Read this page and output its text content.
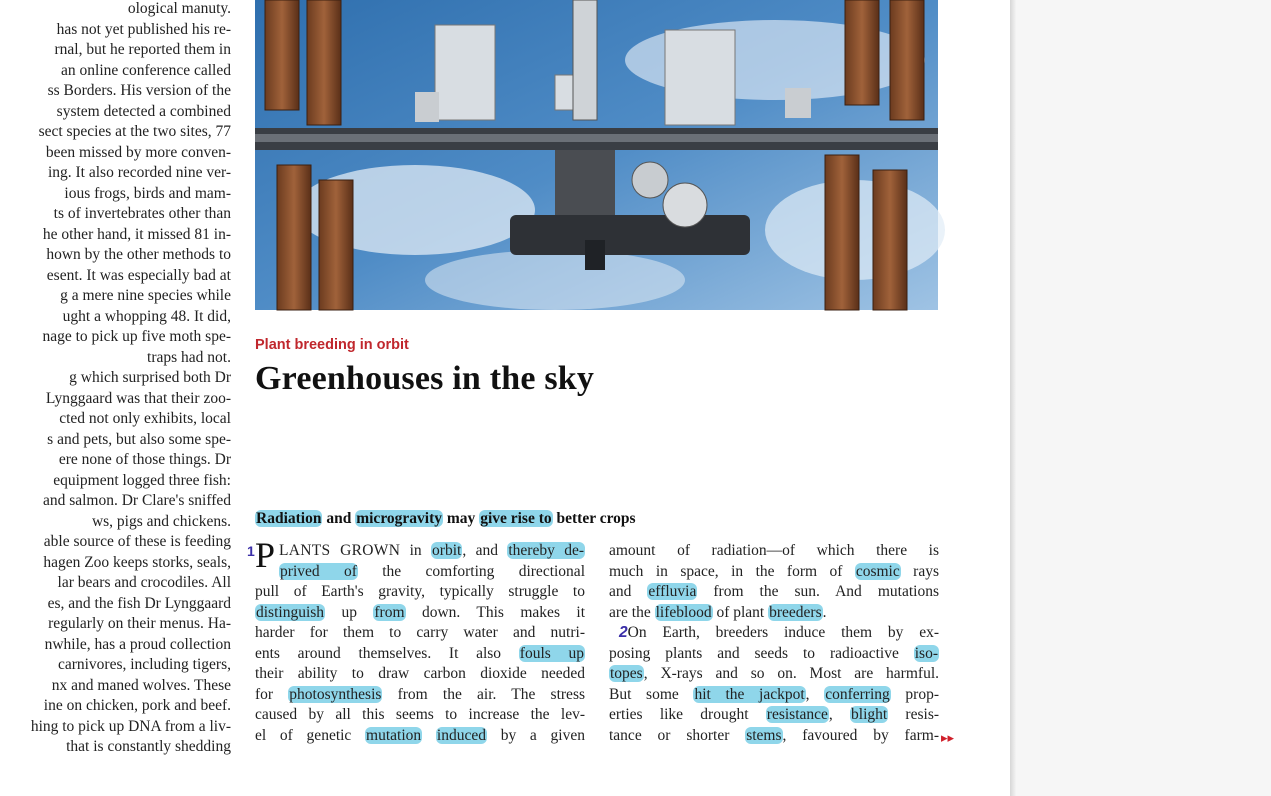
ological manuty.
has not yet published his re-
rnal, but he reported them in
an online conference called
ss Borders. His version of the
system detected a combined
sect species at the two sites, 77
been missed by more conven-
ing. It also recorded nine ver-
ious frogs, birds and mam-
ts of invertebrates other than
he other hand, it missed 81 in-
hown by the other methods to
esent. It was especially bad at
g a mere nine species while
ught a whopping 48. It did,
nage to pick up five moth spe-
traps had not.
g which surprised both Dr
Lynggaard was that their zoo-
cted not only exhibits, local
s and pets, but also some spe-
ere none of those things. Dr
equipment logged three fish:
and salmon. Dr Clare's sniffed
ws, pigs and chickens.
able source of these is feeding
hagen Zoo keeps storks, seals,
lar bears and crocodiles. All
es, and the fish Dr Lynggaard
regularly on their menus. Ha-
nwhile, has a proud collection
carnivores, including tigers,
nx and maned wolves. These
ine on chicken, pork and beef.
hing to pick up DNA from a liv-
that is constantly shedding
Plant breeding in orbit
Greenhouses in the sky
Radiation and microgravity may give rise to better crops
1 P LANTS GROWN in orbit, and thereby de-
prived of the comforting directional
pull of Earth's gravity, typically struggle to
distinguish up from down. This makes it
harder for them to carry water and nutri-
ents around themselves. It also fouls up
their ability to draw carbon dioxide needed
for photosynthesis from the air. The stress
caused by all this seems to increase the lev-
el of genetic mutation induced by a given
amount of radiation—of which there is
much in space, in the form of cosmic rays
and effluvia from the sun. And mutations
are the lifeblood of plant breeders.
2On Earth, breeders induce them by ex-
posing plants and seeds to radioactive iso-
topes, X-rays and so on. Most are harmful.
But some hit the jackpot, conferring prop-
erties like drought resistance, blight resis-
tance or shorter stems, favoured by farm- ▸▸
